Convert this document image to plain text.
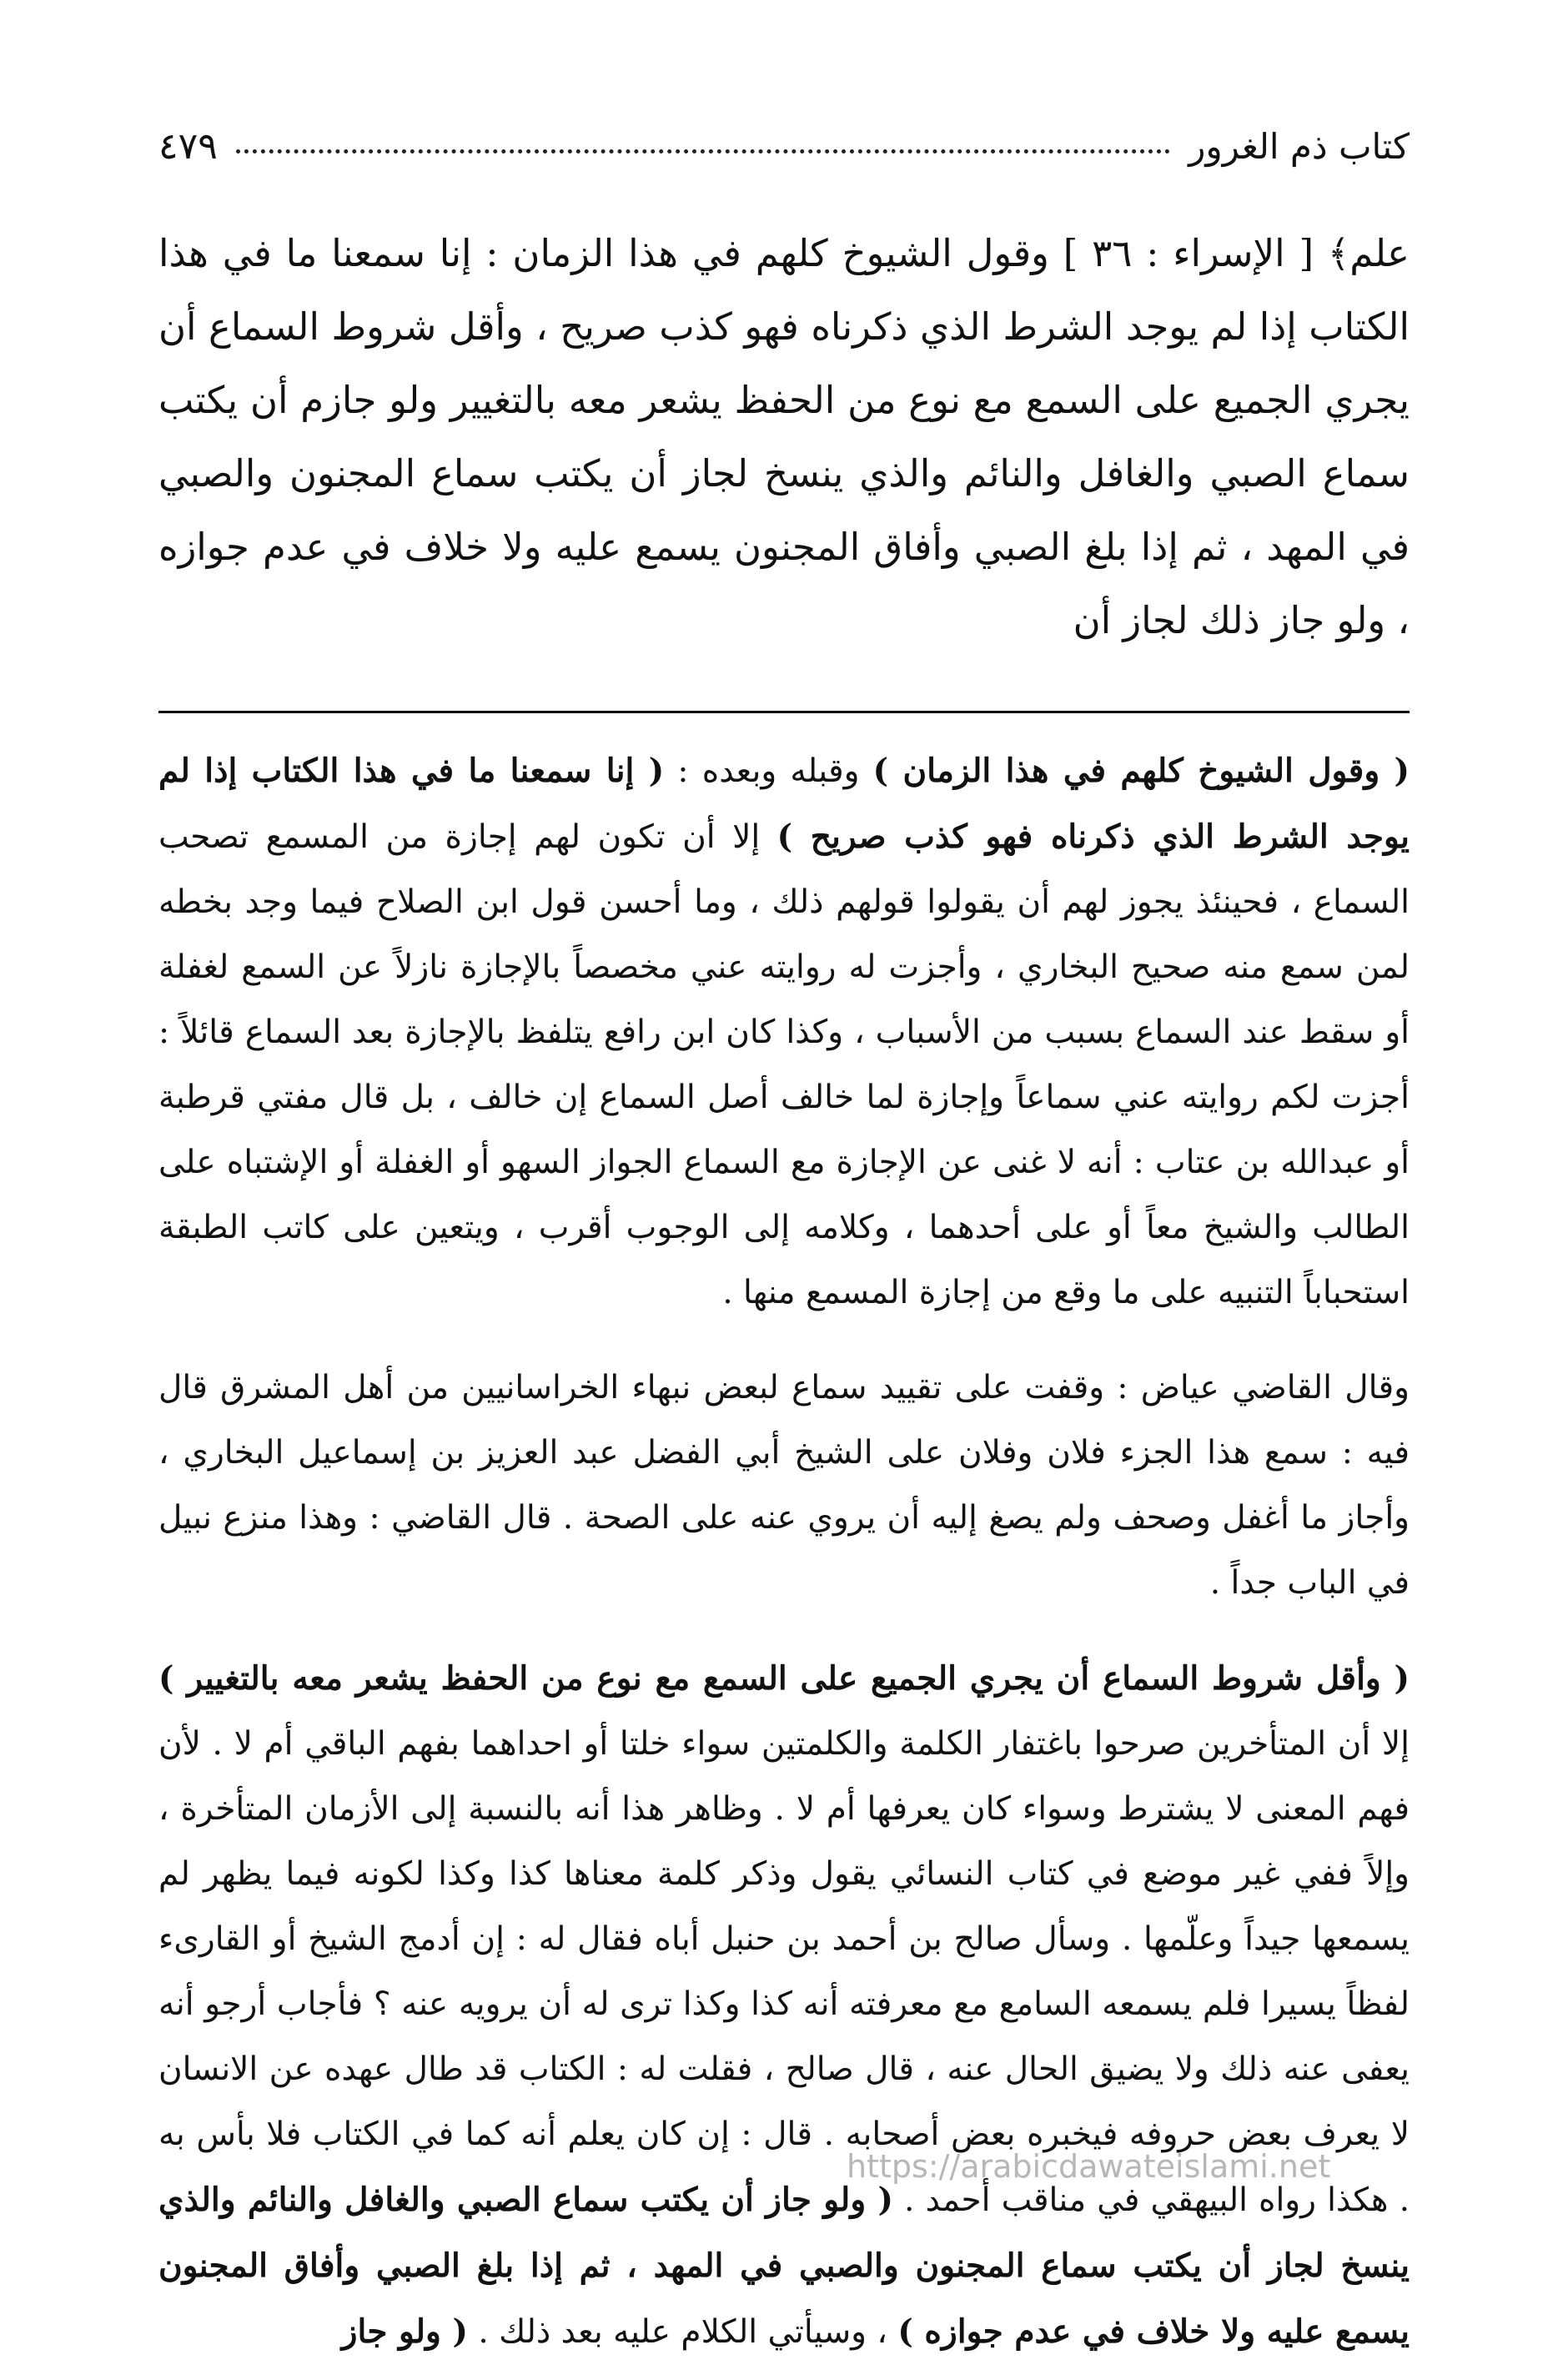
كتاب ذم الغرور
٤٧٩

علم﴾ [ الإسراء : ٣٦ ] وقول الشيوخ كلهم في هذا الزمان : إنا سمعنا ما في هذا الكتاب إذا لم يوجد الشرط الذي ذكرناه فهو كذب صريح ، وأقل شروط السماع أن يجري الجميع على السمع مع نوع من الحفظ يشعر معه بالتغيير ولو جازم أن يكتب سماع الصبي والغافل والنائم والذي ينسخ لجاز أن يكتب سماع المجنون والصبي في المهد ، ثم إذا بلغ الصبي وأفاق المجنون يسمع عليه ولا خلاف في عدم جوازه ، ولو جاز ذلك لجاز أن

( وقول الشيوخ كلهم في هذا الزمان ) وقبله وبعده : ( إنا سمعنا ما في هذا الكتاب إذا لم يوجد الشرط الذي ذكرناه فهو كذب صريح ) إلا أن تكون لهم إجازة من المسمع تصحب السماع ، فحينئذ يجوز لهم أن يقولوا قولهم ذلك ، وما أحسن قول ابن الصلاح فيما وجد بخطه لمن سمع منه صحيح البخاري ، وأجزت له روايته عني مخصصاً بالإجازة نازلاً عن السمع لغفلة أو سقط عند السماع بسبب من الأسباب ، وكذا كان ابن رافع يتلفظ بالإجازة بعد السماع قائلاً : أجزت لكم روايته عني سماعاً وإجازة لما خالف أصل السماع إن خالف ، بل قال مفتي قرطبة أو عبدالله بن عتاب : أنه لا غنى عن الإجازة مع السماع الجواز السهو أو الغفلة أو الإشتباه على الطالب والشيخ معاً أو على أحدهما ، وكلامه إلى الوجوب أقرب ، ويتعين على كاتب الطبقة استحباباً التنبيه على ما وقع من إجازة المسمع منها .

وقال القاضي عياض : وقفت على تقييد سماع لبعض نبهاء الخراسانيين من أهل المشرق قال فيه : سمع هذا الجزء فلان وفلان على الشيخ أبي الفضل عبد العزيز بن إسماعيل البخاري ، وأجاز ما أغفل وصحف ولم يصغ إليه أن يروي عنه على الصحة . قال القاضي : وهذا منزع نبيل في الباب جداً .

( وأقل شروط السماع أن يجري الجميع على السمع مع نوع من الحفظ يشعر معه بالتغيير ) إلا أن المتأخرين صرحوا باغتفار الكلمة والكلمتين سواء خلتا أو احداهما بفهم الباقي أم لا . لأن فهم المعنى لا يشترط وسواء كان يعرفها أم لا . وظاهر هذا أنه بالنسبة إلى الأزمان المتأخرة ، وإلاً ففي غير موضع في كتاب النسائي يقول وذكر كلمة معناها كذا وكذا لكونه فيما يظهر لم يسمعها جيداً وعلّمها . وسأل صالح بن أحمد بن حنبل أباه فقال له : إن أدمج الشيخ أو القارىء لفظاً يسيرا فلم يسمعه السامع مع معرفته أنه كذا وكذا ترى له أن يرويه عنه ؟ فأجاب أرجو أنه يعفى عنه ذلك ولا يضيق الحال عنه ، قال صالح ، فقلت له : الكتاب قد طال عهده عن الانسان لا يعرف بعض حروفه فيخبره بعض أصحابه . قال : إن كان يعلم أنه كما في الكتاب فلا بأس به . هكذا رواه البيهقي في مناقب أحمد . ( ولو جاز أن يكتب سماع الصبي والغافل والنائم والذي ينسخ لجاز أن يكتب سماع المجنون والصبي في المهد ، ثم إذا بلغ الصبي وأفاق المجنون يسمع عليه ولا خلاف في عدم جوازه ) ، وسيأتي الكلام عليه بعد ذلك . ( ولو جاز

https://arabicdawateislami.net
